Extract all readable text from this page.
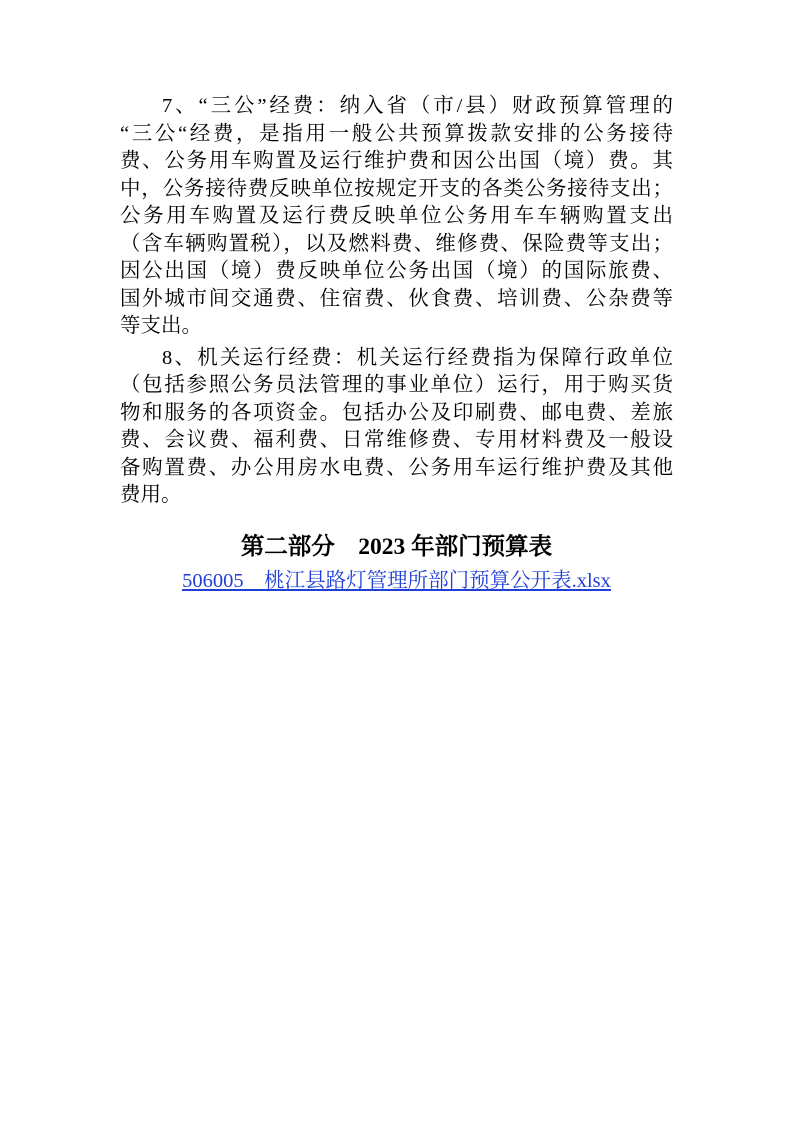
7、“三公”经费：纳入省（市/县）财政预算管理的
“三公“经费，是指用一般公共预算拨款安排的公务接待
费、公务用车购置及运行维护费和因公出国（境）费。其
中，公务接待费反映单位按规定开支的各类公务接待支出；
公务用车购置及运行费反映单位公务用车车辆购置支出
（含车辆购置税），以及燃料费、维修费、保险费等支出；
因公出国（境）费反映单位公务出国（境）的国际旅费、
国外城市间交通费、住宿费、伙食费、培训费、公杂费等
等支出。
8、机关运行经费：机关运行经费指为保障行政单位
（包括参照公务员法管理的事业单位）运行，用于购买货
物和服务的各项资金。包括办公及印刷费、邮电费、差旅
费、会议费、福利费、日常维修费、专用材料费及一般设
备购置费、办公用房水电费、公务用车运行维护费及其他
费用。
第二部分　2023 年部门预算表
506005　桃江县路灯管理所部门预算公开表.xlsx
